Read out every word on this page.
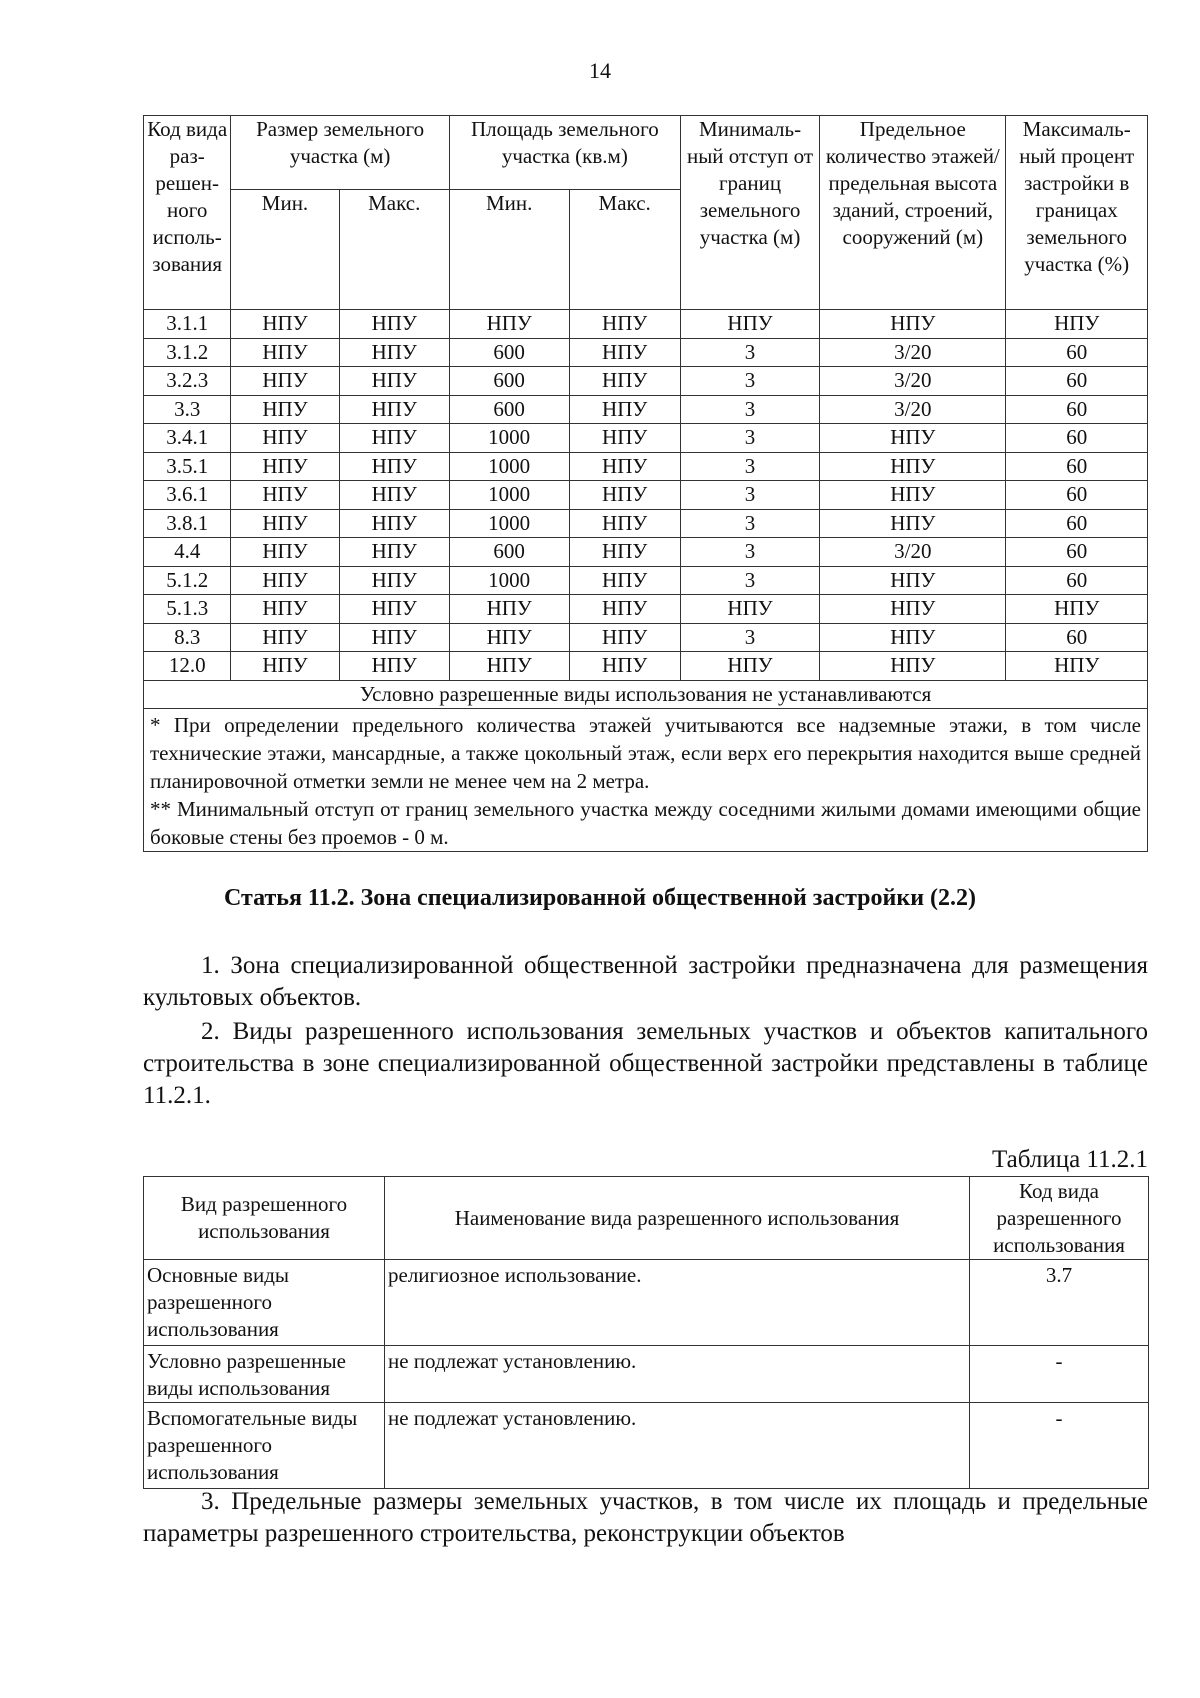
14
Код вида раз-решен-ного исполь-зования	Размер земельного участка (м)		Площадь земельного участка (кв.м)		Минималь-ный отступ от границ земельного участка (м)	Предельное количество этажей/ предельная высота зданий, строений, сооружений (м)	Максималь-ный процент застройки в границах земельного участка (%)
	Мин.	Макс.	Мин.	Макс.			
3.1.1	НПУ	НПУ	НПУ	НПУ	НПУ	НПУ	НПУ
3.1.2	НПУ	НПУ	600	НПУ	3	3/20	60
3.2.3	НПУ	НПУ	600	НПУ	3	3/20	60
3.3	НПУ	НПУ	600	НПУ	3	3/20	60
3.4.1	НПУ	НПУ	1000	НПУ	3	НПУ	60
3.5.1	НПУ	НПУ	1000	НПУ	3	НПУ	60
3.6.1	НПУ	НПУ	1000	НПУ	3	НПУ	60
3.8.1	НПУ	НПУ	1000	НПУ	3	НПУ	60
4.4	НПУ	НПУ	600	НПУ	3	3/20	60
5.1.2	НПУ	НПУ	1000	НПУ	3	НПУ	60
5.1.3	НПУ	НПУ	НПУ	НПУ	НПУ	НПУ	НПУ
8.3	НПУ	НПУ	НПУ	НПУ	3	НПУ	60
12.0	НПУ	НПУ	НПУ	НПУ	НПУ	НПУ	НПУ
Условно разрешенные виды использования не устанавливаются							

* При определении предельного количества этажей учитываются все надземные этажи, в том числе технические этажи, мансардные, а также цокольный этаж, если верх его перекрытия находится выше средней планировочной отметки земли не менее чем на 2 метра.
** Минимальный отступ от границ земельного участка между соседними жилыми домами имеющими общие боковые стены без проемов - 0 м.							
Статья 11.2. Зона специализированной общественной застройки (2.2)

1. Зона специализированной общественной застройки предназначена для размещения культовых объектов.

2. Виды разрешенного использования земельных участков и объектов капитального строительства в зоне специализированной общественной застройки представлены в таблице 11.2.1.

Таблица 11.2.1
Вид разрешенного использования	Наименование вида разрешенного использования	Код вида разрешенного использования
Основные виды разрешенного использования	религиозное использование.	3.7
Условно разрешенные виды использования	не подлежат установлению.	-
Вспомогательные виды разрешенного использования	не подлежат установлению.	-

3. Предельные размеры земельных участков, в том числе их площадь и предельные параметры разрешенного строительства, реконструкции объектов
